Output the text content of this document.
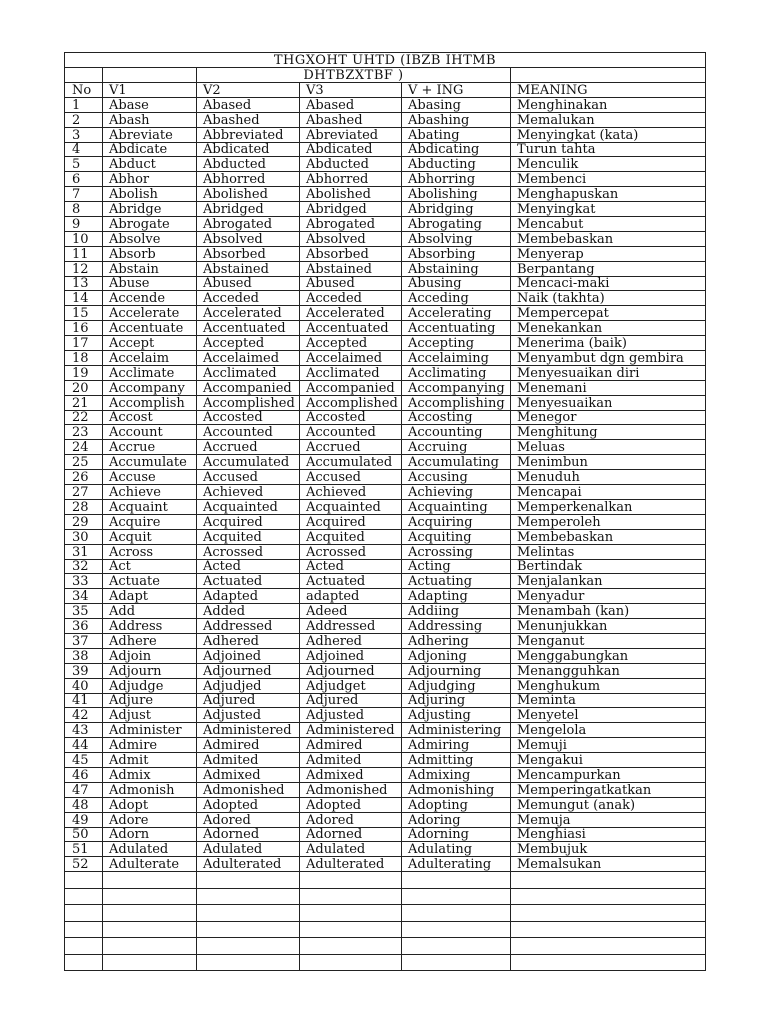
THGXOHT UHTD (IBZB IHTMB					
		DHTBZXTBF )			
No	V1	V2	V3	V + ING	MEANING
1	Abase	Abased	Abased	Abasing	Menghinakan
2	Abash	Abashed	Abashed	Abashing	Memalukan
3	Abreviate	Abbreviated	Abreviated	Abating	Menyingkat (kata)
4	Abdicate	Abdicated	Abdicated	Abdicating	Turun tahta
5	Abduct	Abducted	Abducted	Abducting	Menculik
6	Abhor	Abhorred	Abhorred	Abhorring	Membenci
7	Abolish	Abolished	Abolished	Abolishing	Menghapuskan
8	Abridge	Abridged	Abridged	Abridging	Menyingkat
9	Abrogate	Abrogated	Abrogated	Abrogating	Mencabut
10	Absolve	Absolved	Absolved	Absolving	Membebaskan
11	Absorb	Absorbed	Absorbed	Absorbing	Menyerap
12	Abstain	Abstained	Abstained	Abstaining	Berpantang
13	Abuse	Abused	Abused	Abusing	Mencaci-maki
14	Accende	Acceded	Acceded	Acceding	Naik (takhta)
15	Accelerate	Accelerated	Accelerated	Accelerating	Mempercepat
16	Accentuate	Accentuated	Accentuated	Accentuating	Menekankan
17	Accept	Accepted	Accepted	Accepting	Menerima (baik)
18	Accelaim	Accelaimed	Accelaimed	Accelaiming	Menyambut dgn gembira
19	Acclimate	Acclimated	Acclimated	Acclimating	Menyesuaikan diri
20	Accompany	Accompanied	Accompanied	Accompanying	Menemani
21	Accomplish	Accomplished	Accomplished	Accomplishing	Menyesuaikan
22	Accost	Accosted	Accosted	Accosting	Menegor
23	Account	Accounted	Accounted	Accounting	Menghitung
24	Accrue	Accrued	Accrued	Accruing	Meluas
25	Accumulate	Accumulated	Accumulated	Accumulating	Menimbun
26	Accuse	Accused	Accused	Accusing	Menuduh
27	Achieve	Achieved	Achieved	Achieving	Mencapai
28	Acquaint	Acquainted	Acquainted	Acquainting	Memperkenalkan
29	Acquire	Acquired	Acquired	Acquiring	Memperoleh
30	Acquit	Acquited	Acquited	Acquiting	Membebaskan
31	Across	Acrossed	Acrossed	Acrossing	Melintas
32	Act	Acted	Acted	Acting	Bertindak
33	Actuate	Actuated	Actuated	Actuating	Menjalankan
34	Adapt	Adapted	adapted	Adapting	Menyadur
35	Add	Added	Adeed	Addiing	Menambah (kan)
36	Address	Addressed	Addressed	Addressing	Menunjukkan
37	Adhere	Adhered	Adhered	Adhering	Menganut
38	Adjoin	Adjoined	Adjoined	Adjoning	Menggabungkan
39	Adjourn	Adjourned	Adjourned	Adjourning	Menangguhkan
40	Adjudge	Adjudjed	Adjudget	Adjudging	Menghukum
41	Adjure	Adjured	Adjured	Adjuring	Meminta
42	Adjust	Adjusted	Adjusted	Adjusting	Menyetel
43	Administer	Administered	Administered	Administering	Mengelola
44	Admire	Admired	Admired	Admiring	Memuji
45	Admit	Admited	Admited	Admitting	Mengakui
46	Admix	Admixed	Admixed	Admixing	Mencampurkan
47	Admonish	Admonished	Admonished	Admonishing	Memperingatkatkan
48	Adopt	Adopted	Adopted	Adopting	Memungut (anak)
49	Adore	Adored	Adored	Adoring	Memuja
50	Adorn	Adorned	Adorned	Adorning	Menghiasi
51	Adulated	Adulated	Adulated	Adulating	Membujuk
52	Adulterate	Adulterated	Adulterated	Adulterating	Memalsukan
